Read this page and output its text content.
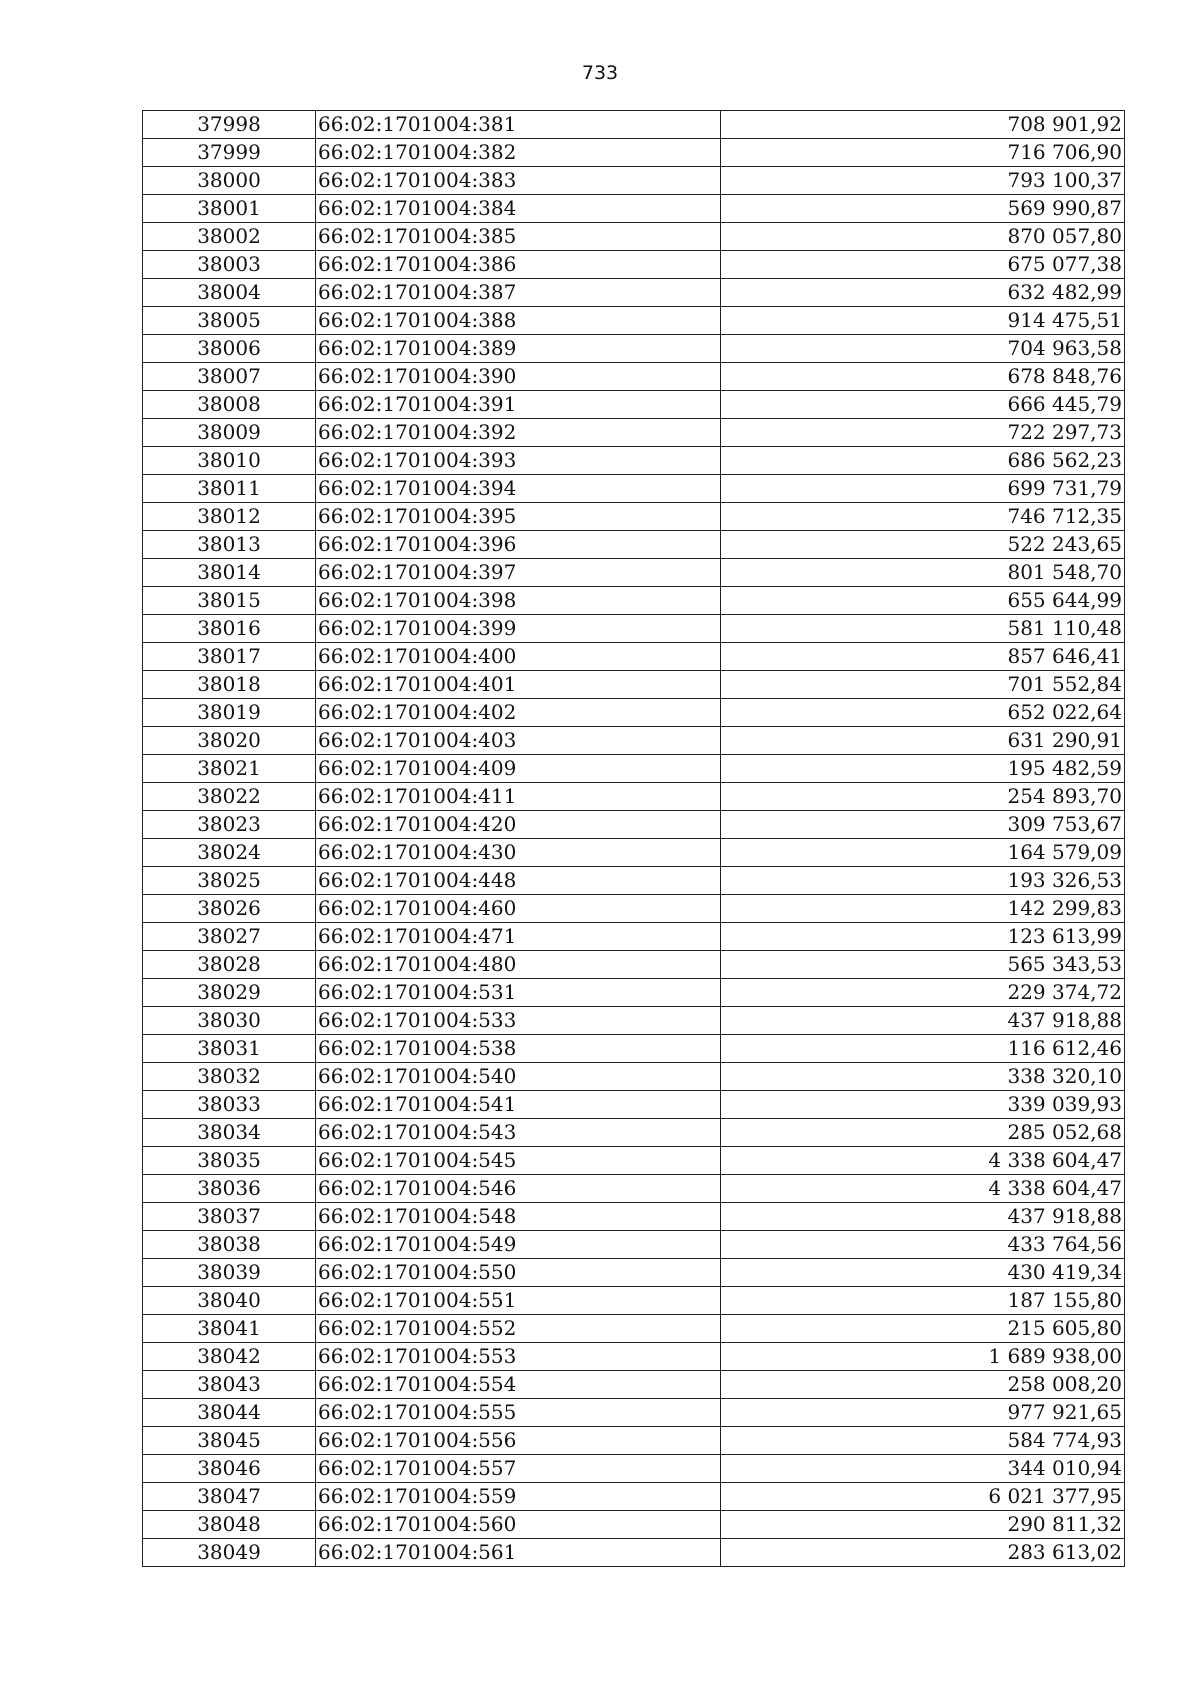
733
37998	66:02:1701004:381	708 901,92
37999	66:02:1701004:382	716 706,90
38000	66:02:1701004:383	793 100,37
38001	66:02:1701004:384	569 990,87
38002	66:02:1701004:385	870 057,80
38003	66:02:1701004:386	675 077,38
38004	66:02:1701004:387	632 482,99
38005	66:02:1701004:388	914 475,51
38006	66:02:1701004:389	704 963,58
38007	66:02:1701004:390	678 848,76
38008	66:02:1701004:391	666 445,79
38009	66:02:1701004:392	722 297,73
38010	66:02:1701004:393	686 562,23
38011	66:02:1701004:394	699 731,79
38012	66:02:1701004:395	746 712,35
38013	66:02:1701004:396	522 243,65
38014	66:02:1701004:397	801 548,70
38015	66:02:1701004:398	655 644,99
38016	66:02:1701004:399	581 110,48
38017	66:02:1701004:400	857 646,41
38018	66:02:1701004:401	701 552,84
38019	66:02:1701004:402	652 022,64
38020	66:02:1701004:403	631 290,91
38021	66:02:1701004:409	195 482,59
38022	66:02:1701004:411	254 893,70
38023	66:02:1701004:420	309 753,67
38024	66:02:1701004:430	164 579,09
38025	66:02:1701004:448	193 326,53
38026	66:02:1701004:460	142 299,83
38027	66:02:1701004:471	123 613,99
38028	66:02:1701004:480	565 343,53
38029	66:02:1701004:531	229 374,72
38030	66:02:1701004:533	437 918,88
38031	66:02:1701004:538	116 612,46
38032	66:02:1701004:540	338 320,10
38033	66:02:1701004:541	339 039,93
38034	66:02:1701004:543	285 052,68
38035	66:02:1701004:545	4 338 604,47
38036	66:02:1701004:546	4 338 604,47
38037	66:02:1701004:548	437 918,88
38038	66:02:1701004:549	433 764,56
38039	66:02:1701004:550	430 419,34
38040	66:02:1701004:551	187 155,80
38041	66:02:1701004:552	215 605,80
38042	66:02:1701004:553	1 689 938,00
38043	66:02:1701004:554	258 008,20
38044	66:02:1701004:555	977 921,65
38045	66:02:1701004:556	584 774,93
38046	66:02:1701004:557	344 010,94
38047	66:02:1701004:559	6 021 377,95
38048	66:02:1701004:560	290 811,32
38049	66:02:1701004:561	283 613,02
